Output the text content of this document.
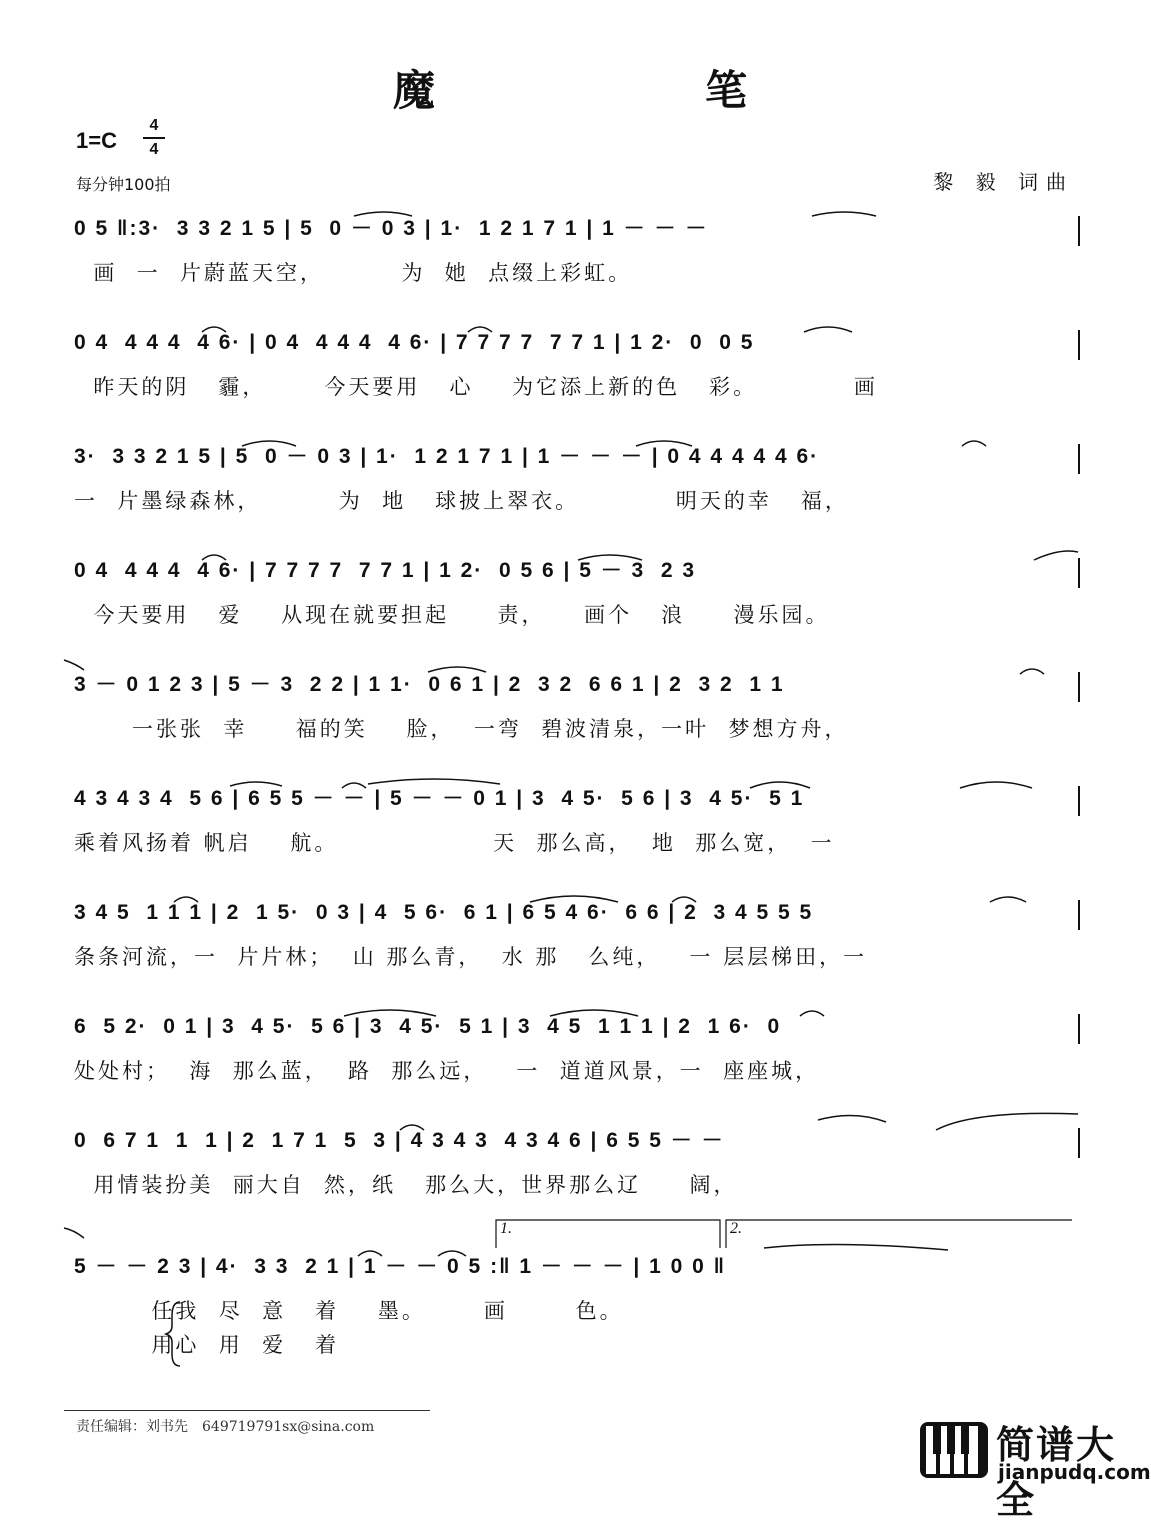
魔　　笔
1=C
4
4
每分钟100拍	黎 毅 词曲
0 5 ‖:3·  3 3 2 1 5 | 5  0 － 0 3 | 1·  1 2 1 7 1 | 1 － － －
画  一  片蔚蓝天空，        为  她  点缀上彩虹。
0 4  4 4 4  4 6· | 0 4  4 4 4  4 6· | 7 7 7 7  7 7 1 | 1 2·  0  0 5
昨天的阴   霾，      今天要用   心    为它添上新的色   彩。          画
3·  3 3 2 1 5 | 5  0 － 0 3 | 1·  1 2 1 7 1 | 1 － － － | 0 4 4 4 4 4 6·
一  片墨绿森林，        为  地   球披上翠衣。          明天的幸   福，
0 4  4 4 4  4 6· | 7 7 7 7  7 7 1 | 1 2·  0 5 6 | 5 － 3  2 3
今天要用   爱    从现在就要担起     责，    画个   浪     漫乐园。
3 － 0 1 2 3 | 5 － 3  2 2 | 1 1·  0 6 1 | 2  3 2  6 6 1 | 2  3 2  1 1
一张张  幸     福的笑    脸，  一弯  碧波清泉，一叶  梦想方舟，
4 3 4 3 4  5 6 | 6 5 5 － － | 5 － － 0 1 | 3  4 5·  5 6 | 3  4 5·  5 1
乘着风扬着 帆启    航。                天  那么高，  地  那么宽，  一
3 4 5  1 1 1 | 2  1 5·  0 3 | 4  5 6·  6 1 | 6 5 4 6·  6 6 | 2  3 4 5 5 5
条条河流，一  片片林；  山 那么青，  水 那   么纯，   一 层层梯田，一
6  5 2·  0 1 | 3  4 5·  5 6 | 3  4 5·  5 1 | 3  4 5  1 1 1 | 2  1 6·  0
处处村；  海  那么蓝，  路  那么远，   一  道道风景，一  座座城，
0  6 7 1  1  1 | 2  1 7 1  5  3 | 4 3 4 3  4 3 4 6 | 6 5 5 － －
用情装扮美  丽大自  然，纸   那么大，世界那么辽     阔，
1.	2.
5 － － 2 3 | 4·  3 3  2 1 | 1 － － 0 5 :‖ 1 － － － | 1 0 0 ‖
任我  尽  意   着    墨。      画       色。
用心  用  爱   着
责任编辑：刘书先　649719791sx@sina.com	简谱大全
jianpudq.com
